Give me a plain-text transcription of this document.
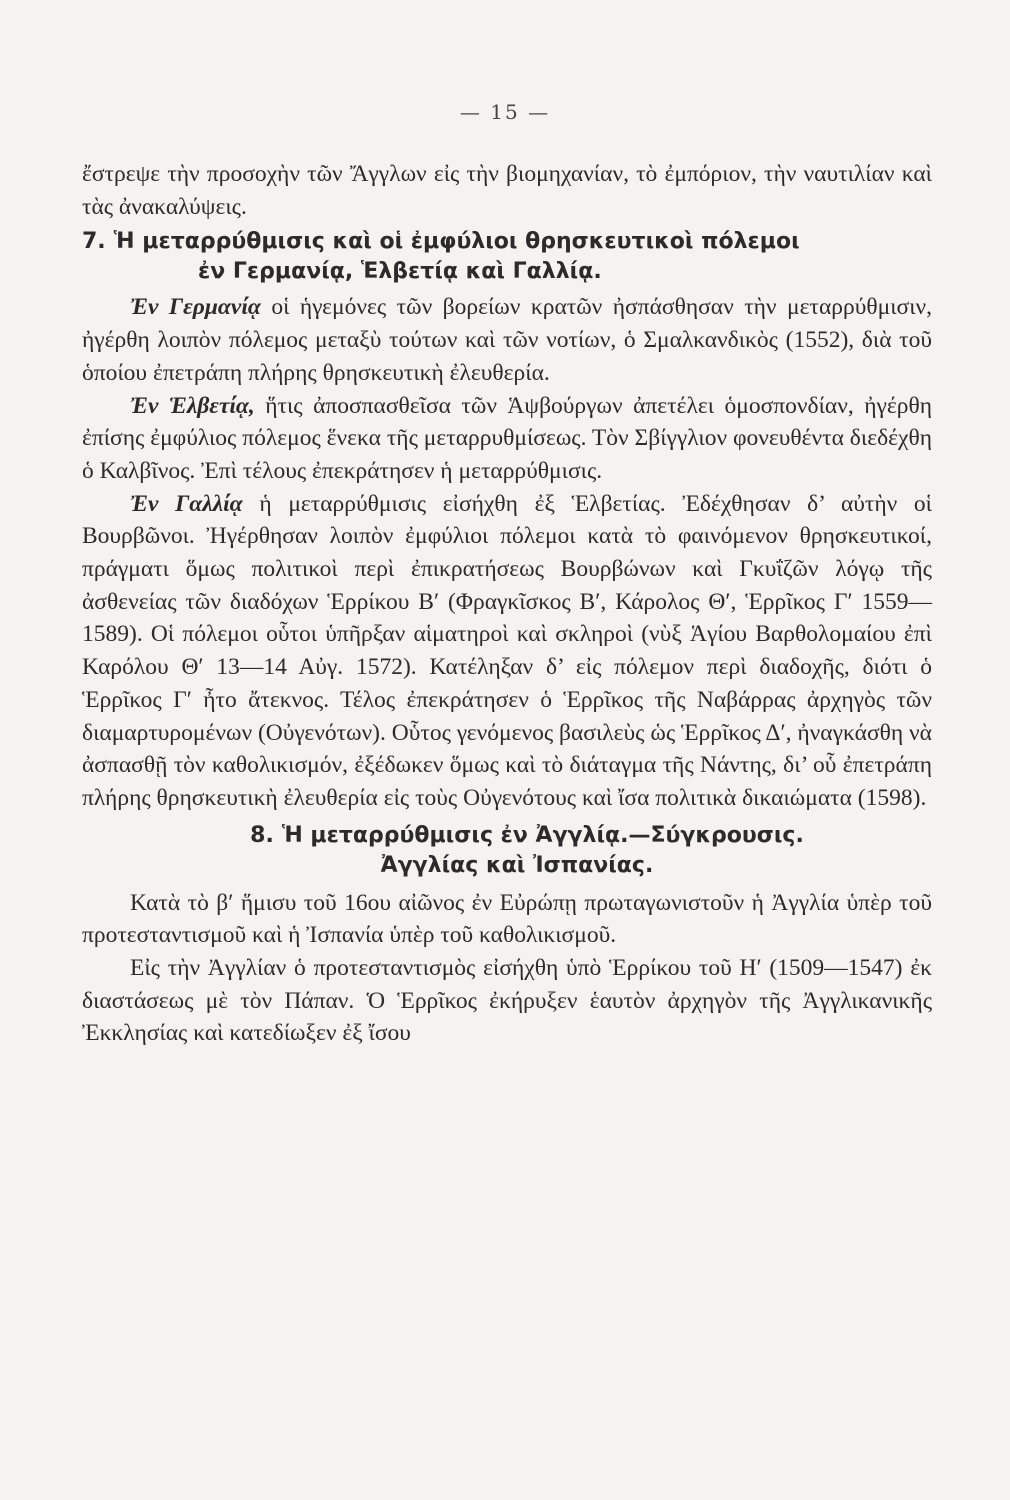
— 15 —

ἔστρεψε τὴν προσοχὴν τῶν Ἄγγλων εἰς τὴν βιομηχανίαν, τὸ ἐμπόριον, τὴν ναυτιλίαν καὶ τὰς ἀνακαλύψεις.

7. Ἡ μεταρρύθμισις καὶ οἱ ἐμφύλιοι θρησκευτικοὶ πόλεμοι
ἐν Γερμανίᾳ, Ἑλβετίᾳ καὶ Γαλλίᾳ.

Ἐν Γερμανίᾳ οἱ ἡγεμόνες τῶν βορείων κρατῶν ἠσπάσθησαν τὴν μεταρρύθμισιν, ἠγέρθη λοιπὸν πόλεμος μεταξὺ τούτων καὶ τῶν νοτίων, ὁ Σμαλκανδικὸς (1552), διὰ τοῦ ὁποίου ἐπετράπη πλήρης θρησκευτικὴ ἐλευθερία.

Ἐν Ἑλβετίᾳ, ἥτις ἀποσπασθεῖσα τῶν Ἁψβούργων ἀπετέλει ὁμοσπονδίαν, ἠγέρθη ἐπίσης ἐμφύλιος πόλεμος ἕνεκα τῆς μεταρρυθμίσεως. Τὸν Σβίγγλιον φονευθέντα διεδέχθη ὁ Καλβῖνος. Ἐπὶ τέλους ἐπεκράτησεν ἡ μεταρρύθμισις.

Ἐν Γαλλίᾳ ἡ μεταρρύθμισις εἰσήχθη ἐξ Ἑλβετίας. Ἐδέχθησαν δ’ αὐτὴν οἱ Βουρβῶνοι. Ἠγέρθησαν λοιπὸν ἐμφύλιοι πόλεμοι κατὰ τὸ φαινόμενον θρησκευτικοί, πράγματι ὅμως πολιτικοὶ περὶ ἐπικρατήσεως Βουρβώνων καὶ Γκυΐζῶν λόγῳ τῆς ἀσθενείας τῶν διαδόχων Ἑρρίκου Β′ (Φραγκῖσκος Β′, Κάρολος Θ′, Ἑρρῖκος Γ′ 1559—1589). Οἱ πόλεμοι οὗτοι ὑπῆρξαν αἱματηροὶ καὶ σκληροὶ (νὺξ Ἁγίου Βαρθολομαίου ἐπὶ Καρόλου Θ′ 13—14 Αὐγ. 1572). Κατέληξαν δ’ εἰς πόλεμον περὶ διαδοχῆς, διότι ὁ Ἑρρῖκος Γ′ ἦτο ἄτεκνος. Τέλος ἐπεκράτησεν ὁ Ἑρρῖκος τῆς Ναβάρρας ἀρχηγὸς τῶν διαμαρτυρομένων (Οὐγενότων). Οὗτος γενόμενος βασιλεὺς ὡς Ἑρρῖκος Δ′, ἠναγκάσθη νὰ ἀσπασθῇ τὸν καθολικισμόν, ἐξέδωκεν ὅμως καὶ τὸ διάταγμα τῆς Νάντης, δι’ οὗ ἐπετράπη πλήρης θρησκευτικὴ ἐλευθερία εἰς τοὺς Οὐγενότους καὶ ἴσα πολιτικὰ δικαιώματα (1598).

8. Ἡ μεταρρύθμισις ἐν Ἀγγλίᾳ.—Σύγκρουσις.
Ἀγγλίας καὶ Ἰσπανίας.

Κατὰ τὸ β′ ἥμισυ τοῦ 16ου αἰῶνος ἐν Εὐρώπῃ πρωταγωνιστοῦν ἡ Ἀγγλία ὑπὲρ τοῦ προτεσταντισμοῦ καὶ ἡ Ἰσπανία ὑπὲρ τοῦ καθολικισμοῦ.

Εἰς τὴν Ἀγγλίαν ὁ προτεσταντισμὸς εἰσήχθη ὑπὸ Ἑρρίκου τοῦ Η′ (1509—1547) ἐκ διαστάσεως μὲ τὸν Πάπαν. Ὁ Ἑρρῖκος ἐκήρυξεν ἑαυτὸν ἀρχηγὸν τῆς Ἀγγλικανικῆς Ἐκκλησίας καὶ κατεδίωξεν ἐξ ἴσου
